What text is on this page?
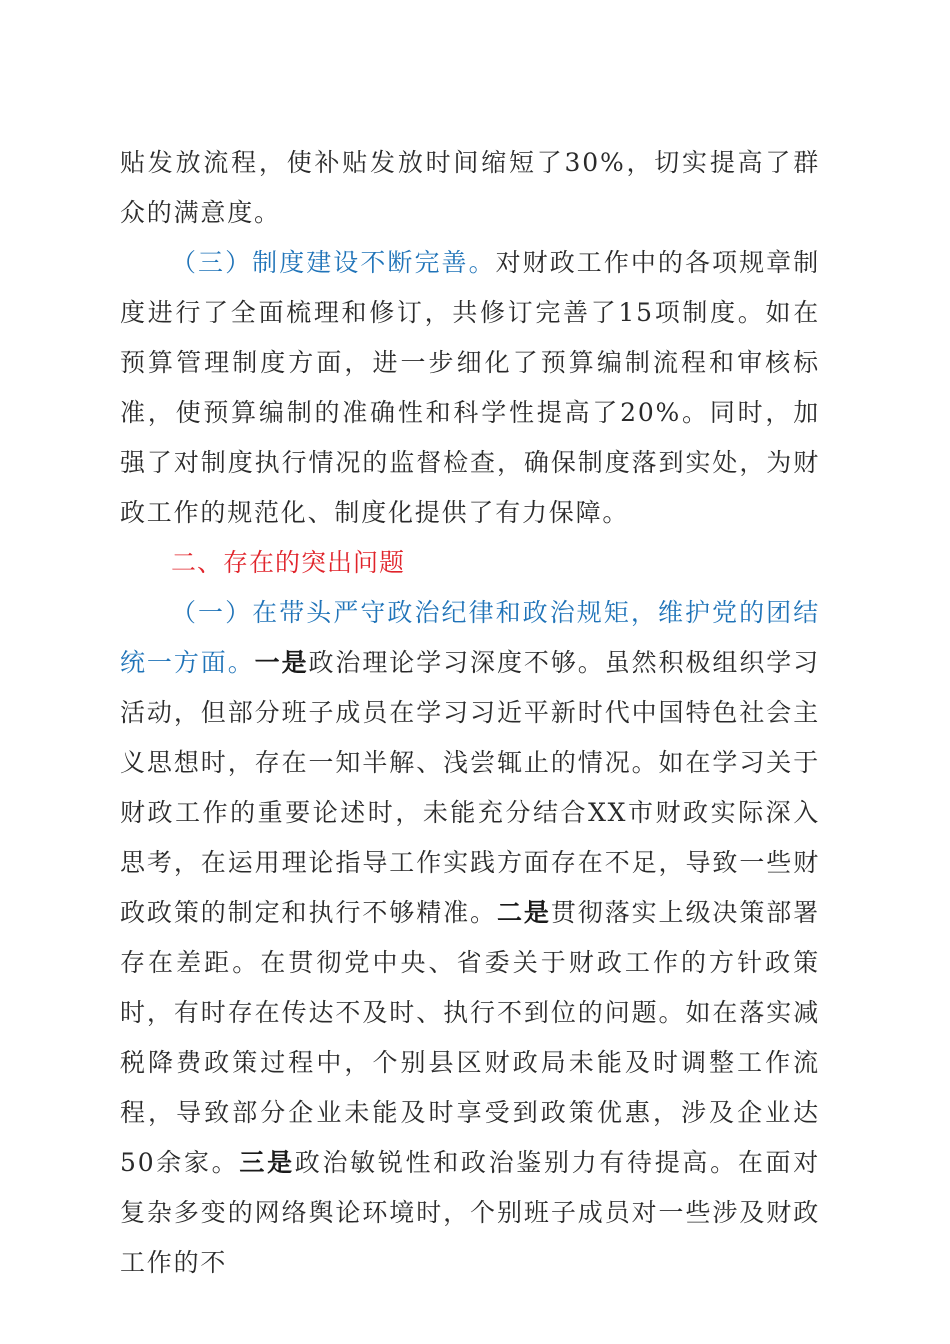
贴发放流程，使补贴发放时间缩短了30%，切实提高了群众的满意度。

（三）制度建设不断完善。对财政工作中的各项规章制度进行了全面梳理和修订，共修订完善了15项制度。如在预算管理制度方面，进一步细化了预算编制流程和审核标准，使预算编制的准确性和科学性提高了20%。同时，加强了对制度执行情况的监督检查，确保制度落到实处，为财政工作的规范化、制度化提供了有力保障。

二、存在的突出问题

（一）在带头严守政治纪律和政治规矩，维护党的团结统一方面。一是政治理论学习深度不够。虽然积极组织学习活动，但部分班子成员在学习习近平新时代中国特色社会主义思想时，存在一知半解、浅尝辄止的情况。如在学习关于财政工作的重要论述时，未能充分结合XX市财政实际深入思考，在运用理论指导工作实践方面存在不足，导致一些财政政策的制定和执行不够精准。二是贯彻落实上级决策部署存在差距。在贯彻党中央、省委关于财政工作的方针政策时，有时存在传达不及时、执行不到位的问题。如在落实减税降费政策过程中，个别县区财政局未能及时调整工作流程，导致部分企业未能及时享受到政策优惠，涉及企业达50余家。三是政治敏锐性和政治鉴别力有待提高。在面对复杂多变的网络舆论环境时，个别班子成员对一些涉及财政工作的不
